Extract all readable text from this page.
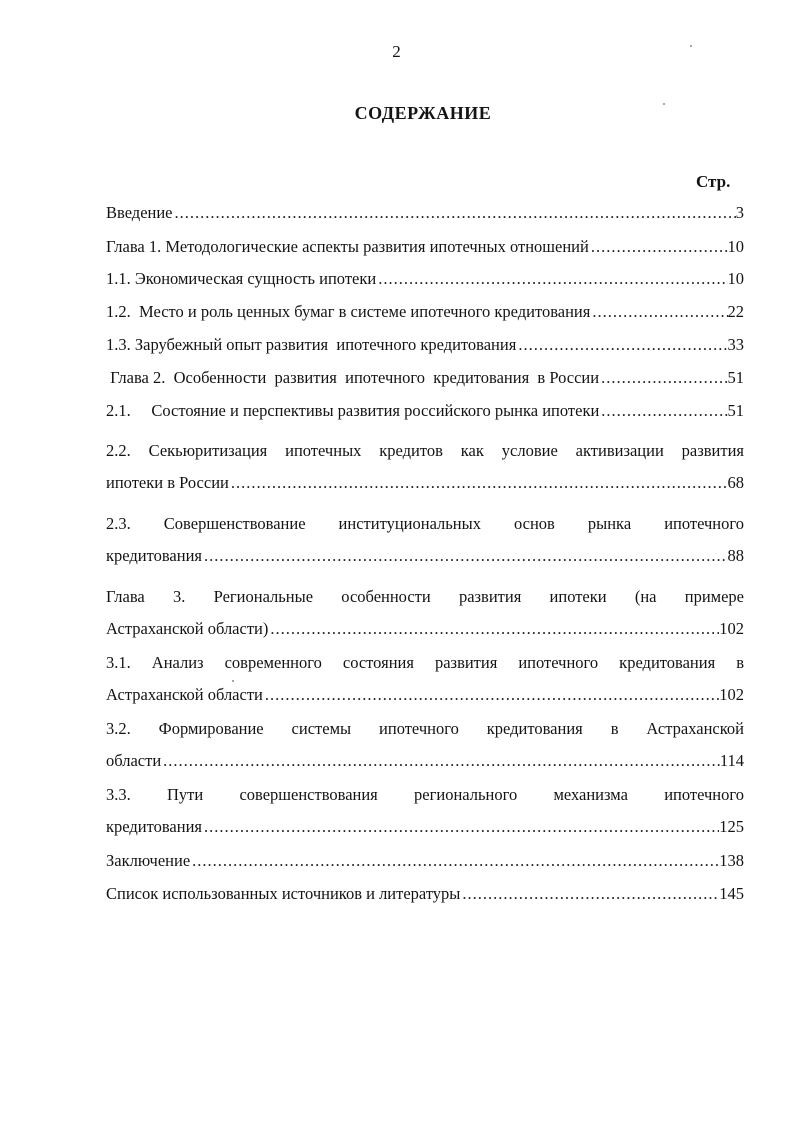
2
СОДЕРЖАНИЕ
Стр.
Введение .....	3
Глава 1. Методологические аспекты развития ипотечных отношений .....	10
1.1. Экономическая сущность ипотеки .....	10
1.2.  Место и роль ценных бумаг в системе ипотечного кредитования .....	22
1.3. Зарубежный опыт развития  ипотечного кредитования .....	33
Глава 2.  Особенности  развития  ипотечного  кредитования  в России .....	51
2.1.     Состояние и перспективы развития российского рынка ипотеки .....	51
2.2. Секьюритизация ипотечных кредитов как условие активизации развития
ипотеки в России .....	68
2.3. Совершенствование институциональных основ рынка ипотечного
кредитования .....	88
Глава 3. Региональные особенности развития ипотеки (на примере
Астраханской области) .....	102
3.1. Анализ современного состояния развития ипотечного кредитования в
Астраханской области .....	102
3.2. Формирование системы ипотечного кредитования в Астраханской
области .....	114
3.3. Пути совершенствования регионального механизма ипотечного
кредитования .....	125
Заключение .....	138
Список использованных источников и литературы .....	145
